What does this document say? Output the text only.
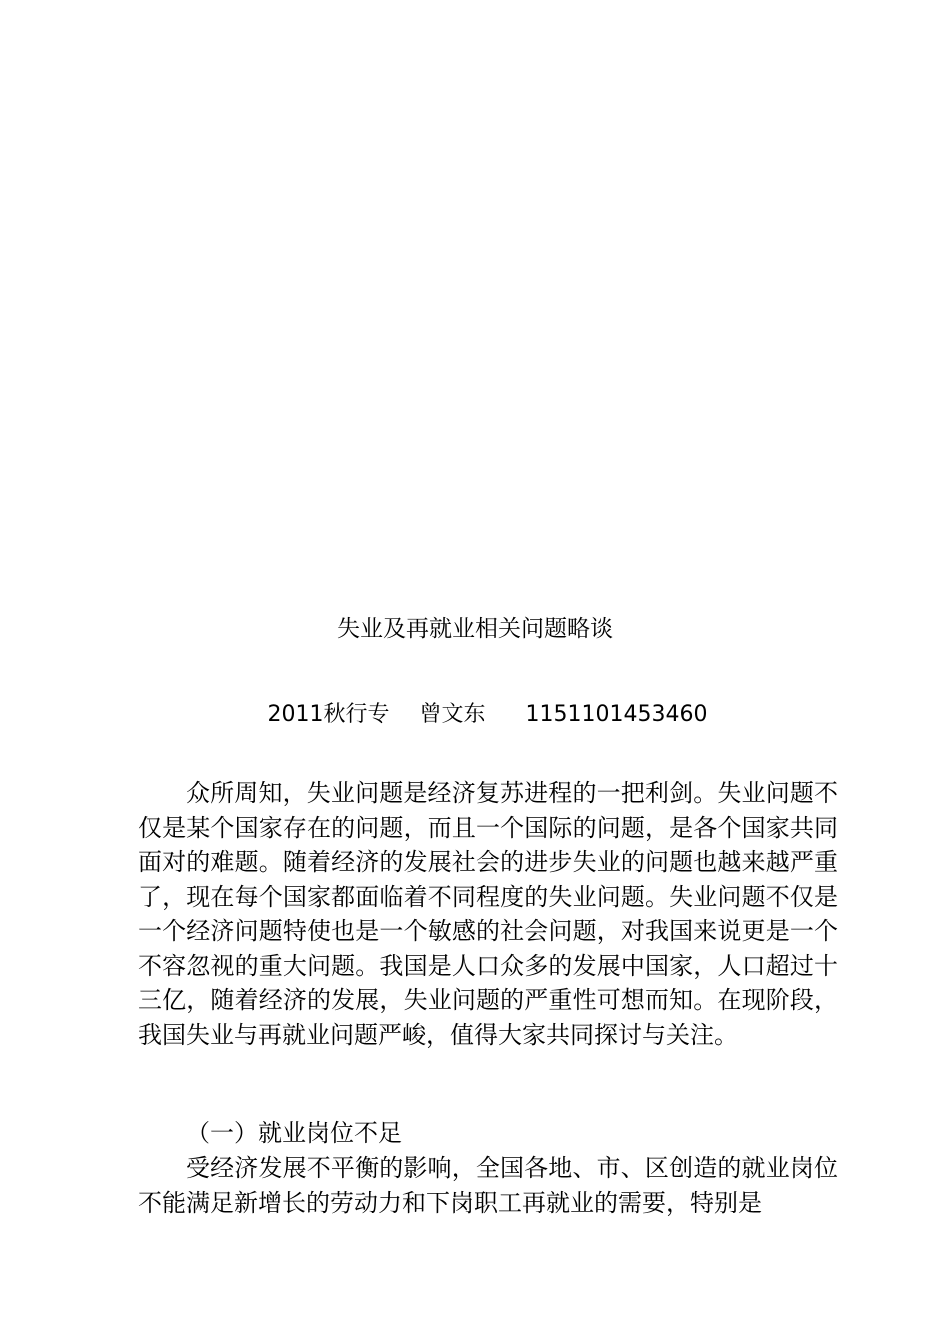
失业及再就业相关问题略谈
2011秋行专 曾文东 1151101453460
众所周知，失业问题是经济复苏进程的一把利剑。失业问题不仅是某个国家存在的问题，而且一个国际的问题，是各个国家共同面对的难题。随着经济的发展社会的进步失业的问题也越来越严重了，现在每个国家都面临着不同程度的失业问题。失业问题不仅是一个经济问题特使也是一个敏感的社会问题，对我国来说更是一个不容忽视的重大问题。我国是人口众多的发展中国家，人口超过十三亿，随着经济的发展，失业问题的严重性可想而知。在现阶段，我国失业与再就业问题严峻，值得大家共同探讨与关注。
（一）就业岗位不足
受经济发展不平衡的影响，全国各地、市、区创造的就业岗位不能满足新增长的劳动力和下岗职工再就业的需要，特别是
